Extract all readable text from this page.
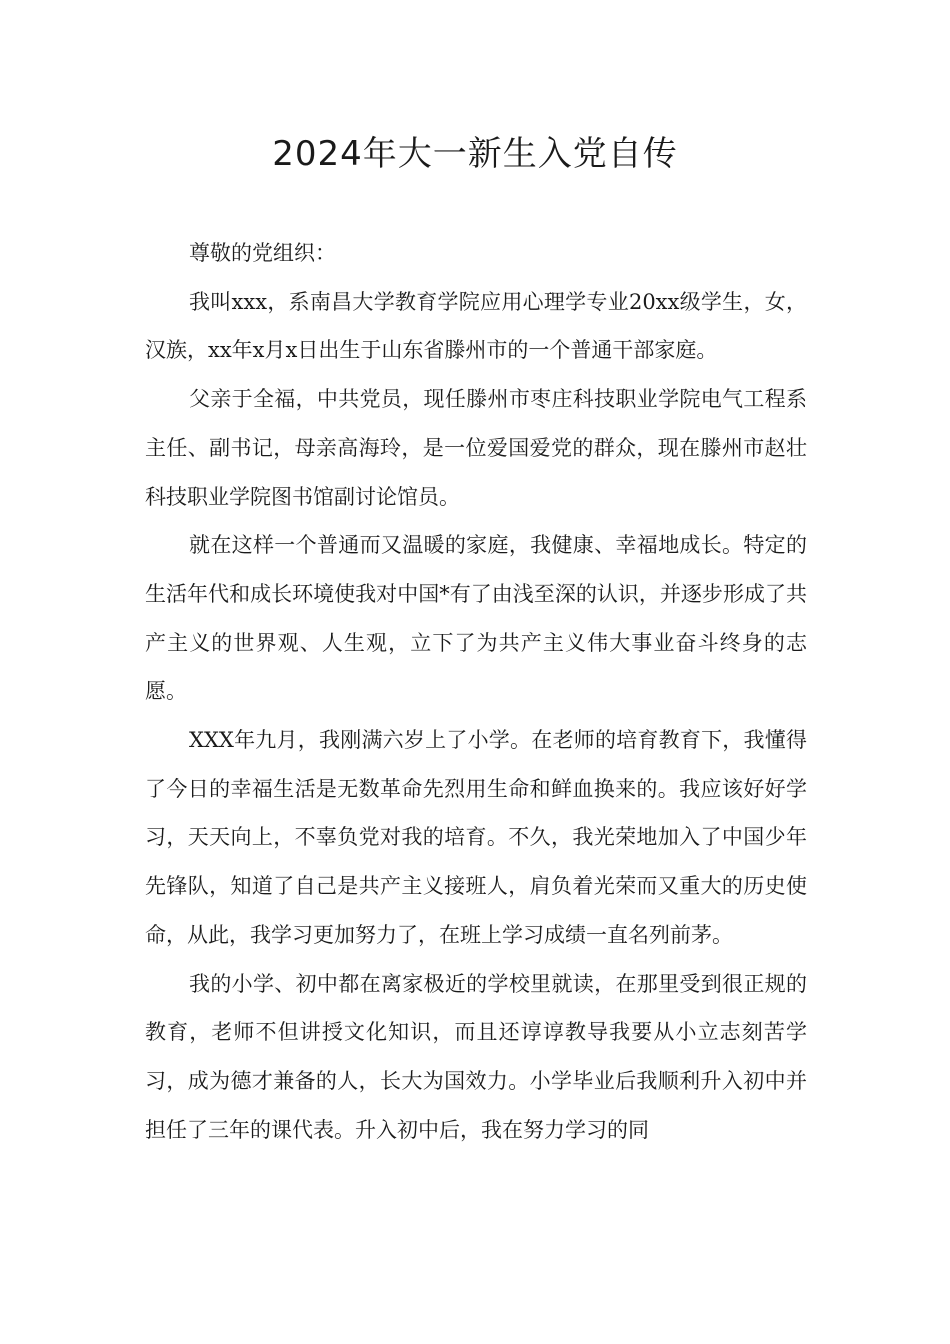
2024年大一新生入党自传

尊敬的党组织：

我叫xxx，系南昌大学教育学院应用心理学专业20xx级学生，女，汉族，xx年x月x日出生于山东省滕州市的一个普通干部家庭。

父亲于全福，中共党员，现任滕州市枣庄科技职业学院电气工程系主任、副书记，母亲高海玲，是一位爱国爱党的群众，现在滕州市赵壮科技职业学院图书馆副讨论馆员。

就在这样一个普通而又温暖的家庭，我健康、幸福地成长。特定的生活年代和成长环境使我对中国*有了由浅至深的认识，并逐步形成了共产主义的世界观、人生观，立下了为共产主义伟大事业奋斗终身的志愿。

XXX年九月，我刚满六岁上了小学。在老师的培育教育下，我懂得了今日的幸福生活是无数革命先烈用生命和鲜血换来的。我应该好好学习，天天向上，不辜负党对我的培育。不久，我光荣地加入了中国少年先锋队，知道了自己是共产主义接班人，肩负着光荣而又重大的历史使命，从此，我学习更加努力了，在班上学习成绩一直名列前茅。

我的小学、初中都在离家极近的学校里就读，在那里受到很正规的教育，老师不但讲授文化知识，而且还谆谆教导我要从小立志刻苦学习，成为德才兼备的人，长大为国效力。小学毕业后我顺利升入初中并担任了三年的课代表。升入初中后，我在努力学习的同
